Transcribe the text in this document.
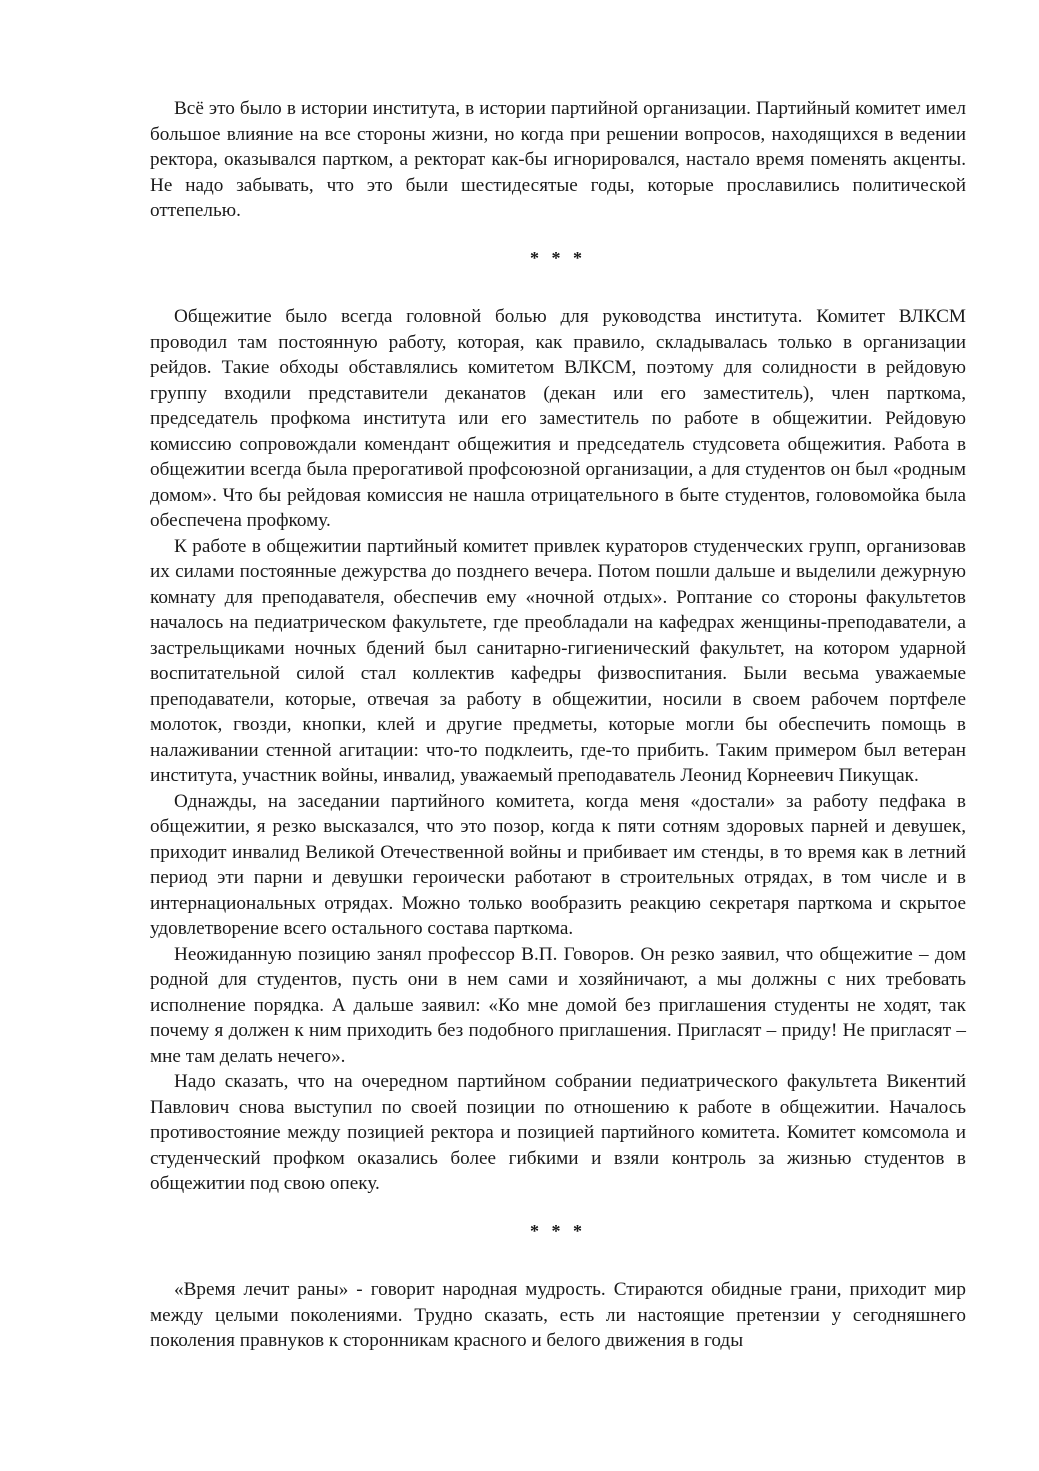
Всё это было в истории института, в истории партийной организации. Партийный комитет имел большое влияние на все стороны жизни, но когда при решении вопросов, находящихся в ведении ректора, оказывался партком, а ректорат как-бы игнорировался, настало время поменять акценты. Не надо забывать, что это были шестидесятые годы, которые прославились политической оттепелью.

* * *

Общежитие было всегда головной болью для руководства института. Комитет ВЛКСМ проводил там постоянную работу, которая, как правило, складывалась только в организации рейдов. Такие обходы обставлялись комитетом ВЛКСМ, поэтому для солидности в рейдовую группу входили представители деканатов (декан или его заместитель), член парткома, председатель профкома института или его заместитель по работе в общежитии. Рейдовую комиссию сопровождали комендант общежития и председатель студсовета общежития. Работа в общежитии всегда была прерогативой профсоюзной организации, а для студентов он был «родным домом». Что бы рейдовая комиссия не нашла отрицательного в быте студентов, головомойка была обеспечена профкому.

К работе в общежитии партийный комитет привлек кураторов студенческих групп, организовав их силами постоянные дежурства до позднего вечера. Потом пошли дальше и выделили дежурную комнату для преподавателя, обеспечив ему «ночной отдых». Роптание со стороны факультетов началось на педиатрическом факультете, где преобладали на кафедрах женщины-преподаватели, а застрельщиками ночных бдений был санитарно-гигиенический факультет, на котором ударной воспитательной силой стал коллектив кафедры физвоспитания. Были весьма уважаемые преподаватели, которые, отвечая за работу в общежитии, носили в своем рабочем портфеле молоток, гвозди, кнопки, клей и другие предметы, которые могли бы обеспечить помощь в налаживании стенной агитации: что-то подклеить, где-то прибить. Таким примером был ветеран института, участник войны, инвалид, уважаемый преподаватель Леонид Корнеевич Пикущак.

Однажды, на заседании партийного комитета, когда меня «достали» за работу педфака в общежитии, я резко высказался, что это позор, когда к пяти сотням здоровых парней и девушек, приходит инвалид Великой Отечественной войны и прибивает им стенды, в то время как в летний период эти парни и девушки героически работают в строительных отрядах, в том числе и в интернациональных отрядах. Можно только вообразить реакцию секретаря парткома и скрытое удовлетворение всего остального состава парткома.

Неожиданную позицию занял профессор В.П. Говоров. Он резко заявил, что общежитие – дом родной для студентов, пусть они в нем сами и хозяйничают, а мы должны с них требовать исполнение порядка. А дальше заявил: «Ко мне домой без приглашения студенты не ходят, так почему я должен к ним приходить без подобного приглашения. Пригласят – приду! Не пригласят – мне там делать нечего».

Надо сказать, что на очередном партийном собрании педиатрического факультета Викентий Павлович снова выступил по своей позиции по отношению к работе в общежитии. Началось противостояние между позицией ректора и позицией партийного комитета. Комитет комсомола и студенческий профком оказались более гибкими и взяли контроль за жизнью студентов в общежитии под свою опеку.

* * *

«Время лечит раны» - говорит народная мудрость. Стираются обидные грани, приходит мир между целыми поколениями. Трудно сказать, есть ли настоящие претензии у сегодняшнего поколения правнуков к сторонникам красного и белого движения в годы
